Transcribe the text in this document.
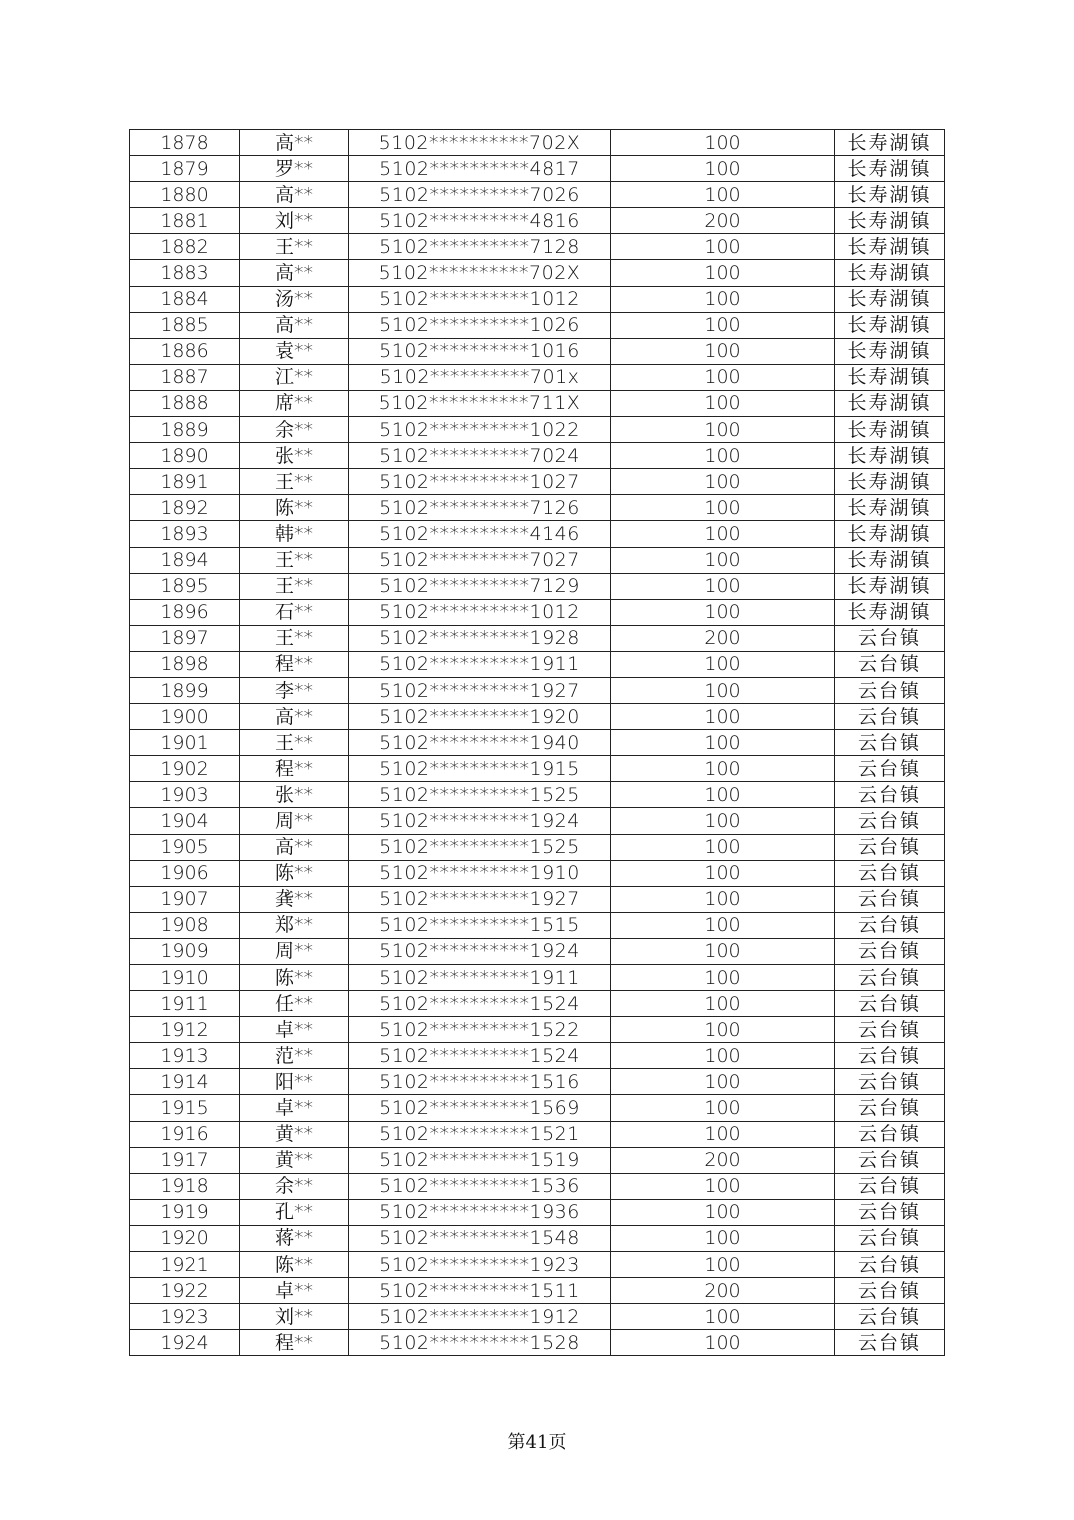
1878	高**	5102**********702X	100	长寿湖镇
1879	罗**	5102**********4817	100	长寿湖镇
1880	高**	5102**********7026	100	长寿湖镇
1881	刘**	5102**********4816	200	长寿湖镇
1882	王**	5102**********7128	100	长寿湖镇
1883	高**	5102**********702X	100	长寿湖镇
1884	汤**	5102**********1012	100	长寿湖镇
1885	高**	5102**********1026	100	长寿湖镇
1886	袁**	5102**********1016	100	长寿湖镇
1887	江**	5102**********701x	100	长寿湖镇
1888	席**	5102**********711X	100	长寿湖镇
1889	余**	5102**********1022	100	长寿湖镇
1890	张**	5102**********7024	100	长寿湖镇
1891	王**	5102**********1027	100	长寿湖镇
1892	陈**	5102**********7126	100	长寿湖镇
1893	韩**	5102**********4146	100	长寿湖镇
1894	王**	5102**********7027	100	长寿湖镇
1895	王**	5102**********7129	100	长寿湖镇
1896	石**	5102**********1012	100	长寿湖镇
1897	王**	5102**********1928	200	云台镇
1898	程**	5102**********1911	100	云台镇
1899	李**	5102**********1927	100	云台镇
1900	高**	5102**********1920	100	云台镇
1901	王**	5102**********1940	100	云台镇
1902	程**	5102**********1915	100	云台镇
1903	张**	5102**********1525	100	云台镇
1904	周**	5102**********1924	100	云台镇
1905	高**	5102**********1525	100	云台镇
1906	陈**	5102**********1910	100	云台镇
1907	龚**	5102**********1927	100	云台镇
1908	郑**	5102**********1515	100	云台镇
1909	周**	5102**********1924	100	云台镇
1910	陈**	5102**********1911	100	云台镇
1911	任**	5102**********1524	100	云台镇
1912	卓**	5102**********1522	100	云台镇
1913	范**	5102**********1524	100	云台镇
1914	阳**	5102**********1516	100	云台镇
1915	卓**	5102**********1569	100	云台镇
1916	黄**	5102**********1521	100	云台镇
1917	黄**	5102**********1519	200	云台镇
1918	余**	5102**********1536	100	云台镇
1919	孔**	5102**********1936	100	云台镇
1920	蒋**	5102**********1548	100	云台镇
1921	陈**	5102**********1923	100	云台镇
1922	卓**	5102**********1511	200	云台镇
1923	刘**	5102**********1912	100	云台镇
1924	程**	5102**********1528	100	云台镇
第41页
